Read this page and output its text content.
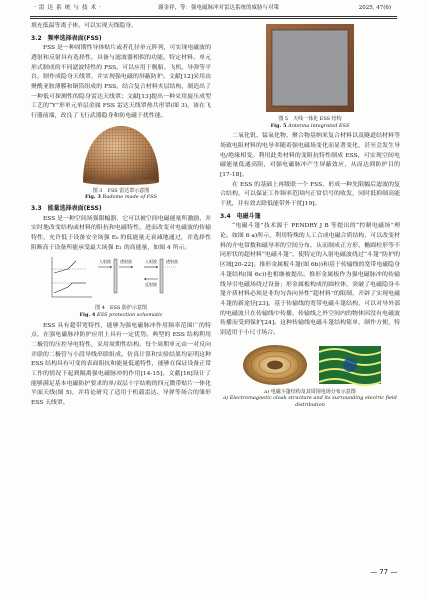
· 雷 达 系 统 与 技 术 ·	谢金祥，等：强电磁脉冲对雷达系统的威胁与对策	2025, 47(6)

填充低温等离子体，可以实现天线隐身。

3.2　频率选择表面(FSS)

FSS 是一种周期性导体贴片或者孔径单元阵列，可实现电磁波的透射和反射具有选择性，具备与滤波器相似的功能。特定材料、单元形式制成的不同滤波特性的 FSS，可以应用于舰船、飞机、导弹等平台，制作成隐身天线罩，并实现强电磁的屏蔽防护。文献[12]采用由聚酰亚胺薄膜和铜箔组成的 FSS，结合复合材料夹层结构，制造出了一种低可探测性的隐身雷达天线罩；文献[13]提出一种采用旋压成型工艺的“Y”形单元单层金属 FSS 雷达天线罩热共形罩(图 3)，该在飞行器前端，改良了飞行武器隐身和防电磁干扰性能。

图 3　FSS 雷达罩示意图
Fig. 3 Radome made of FSS
3.3　能量选择表面(ESS)

ESS 是一种空间场强限幅器，它可以被空间电磁能量所激励，并实时地改变结构或材料的阻抗和电磁特性，进而改变对电磁波的传输特性，允许低于设备安全场强 E₀ 的低能量无衰减地通过，并选择性阻断高于设备所能承受最大场强 E₁ 的高能量，如图 4 所示。

入射波 透射波	入射波
反射波
透射波
图 4　ESS 防护示意图
Fig. 4 ESS protection schematic

ESS 具有超带宽特性，能够为强电磁脉冲作用频率范围广的特点，在强电磁脉冲防护应用上具有一定优势。典型的 ESS 结构利用二极管的压控导电特性，采用周期性结构，每个周期单元由一对反向并联的二极管与小段导线串联组成。仿真计算和实验结果均证明这种 ESS 结构具有可变的表面阻抗和能量低通特性，能够在保证设备正常工作的情况下起到隔离强电磁脉冲的作用[14-15]。文献[16]设计了能够满足基本电磁防护要求的单/双层十字结构的四元微带贴片一体化平面天线(图 5)，并将论研究了适用于机载雷达、导弹等场合的雏形 ESS 天线罩。

图 5　天线一体化 ESS 结构
Fig. 5 Antenna integrated ESS

二氧化钒、锰氧化物、聚合物基纳米复合材料以及隧道结材料等场致电阻材料的电导率随着强电磁场变化而显著变化，甚至会发生导电/绝缘相变。利用此类材料的变阻抗特性制成 ESS，可实现空间电磁能量低通高阻，对强电磁脉冲产生屏蔽效应，从而达到防护目的[17-18]。

在 ESS 的基础上再级联一个 FSS，形成一种先限幅后滤波的复合结构，可以保证工作频率范围内正常信号的收发，同时抵抑制高能干扰，并有效去除低能带外干扰[19]。

3.4　电磁斗篷

“电磁斗篷”技术源于 PENDRY J B 等提出的“控制电磁场”理论。如图 6 a)所示，利用特殊的人工合成电磁合质结构，可以改变材料的介电常数和磁导率的空间分布，从而制成正方形、椭圆柱形等不同形状的超材料“电磁斗篷”，使特定的入射电磁波绕过“斗篷”防护的区域[20-22]。推形金属板斗篷(图 6b))和基于传输线的宽带电磁隐身斗篷结构(图 6c))也相继被提出。推形金属板作为强电磁脉冲的传输线导引电磁场绕过设备；形金属板构成的圆柱体，突破了电磁隐身斗篷介质材料必须是非均匀各向异性“超材料”的限制，开辟了实现电磁斗篷的新途径[23]。基于传输线的宽带电磁斗篷结构，可以对导外部的电磁波只在传输线中传播，传输线之外空间内的物体因没有电磁波传播而受到保护[24]。这种传输线电磁斗篷结构简单，制作方便，特别适用于小尺寸场合。

a) 电磁斗篷结构及其周围电场分布示意图
a) Electromagnetic cloak structure and its surrounding electric field distribution
— 77 —
